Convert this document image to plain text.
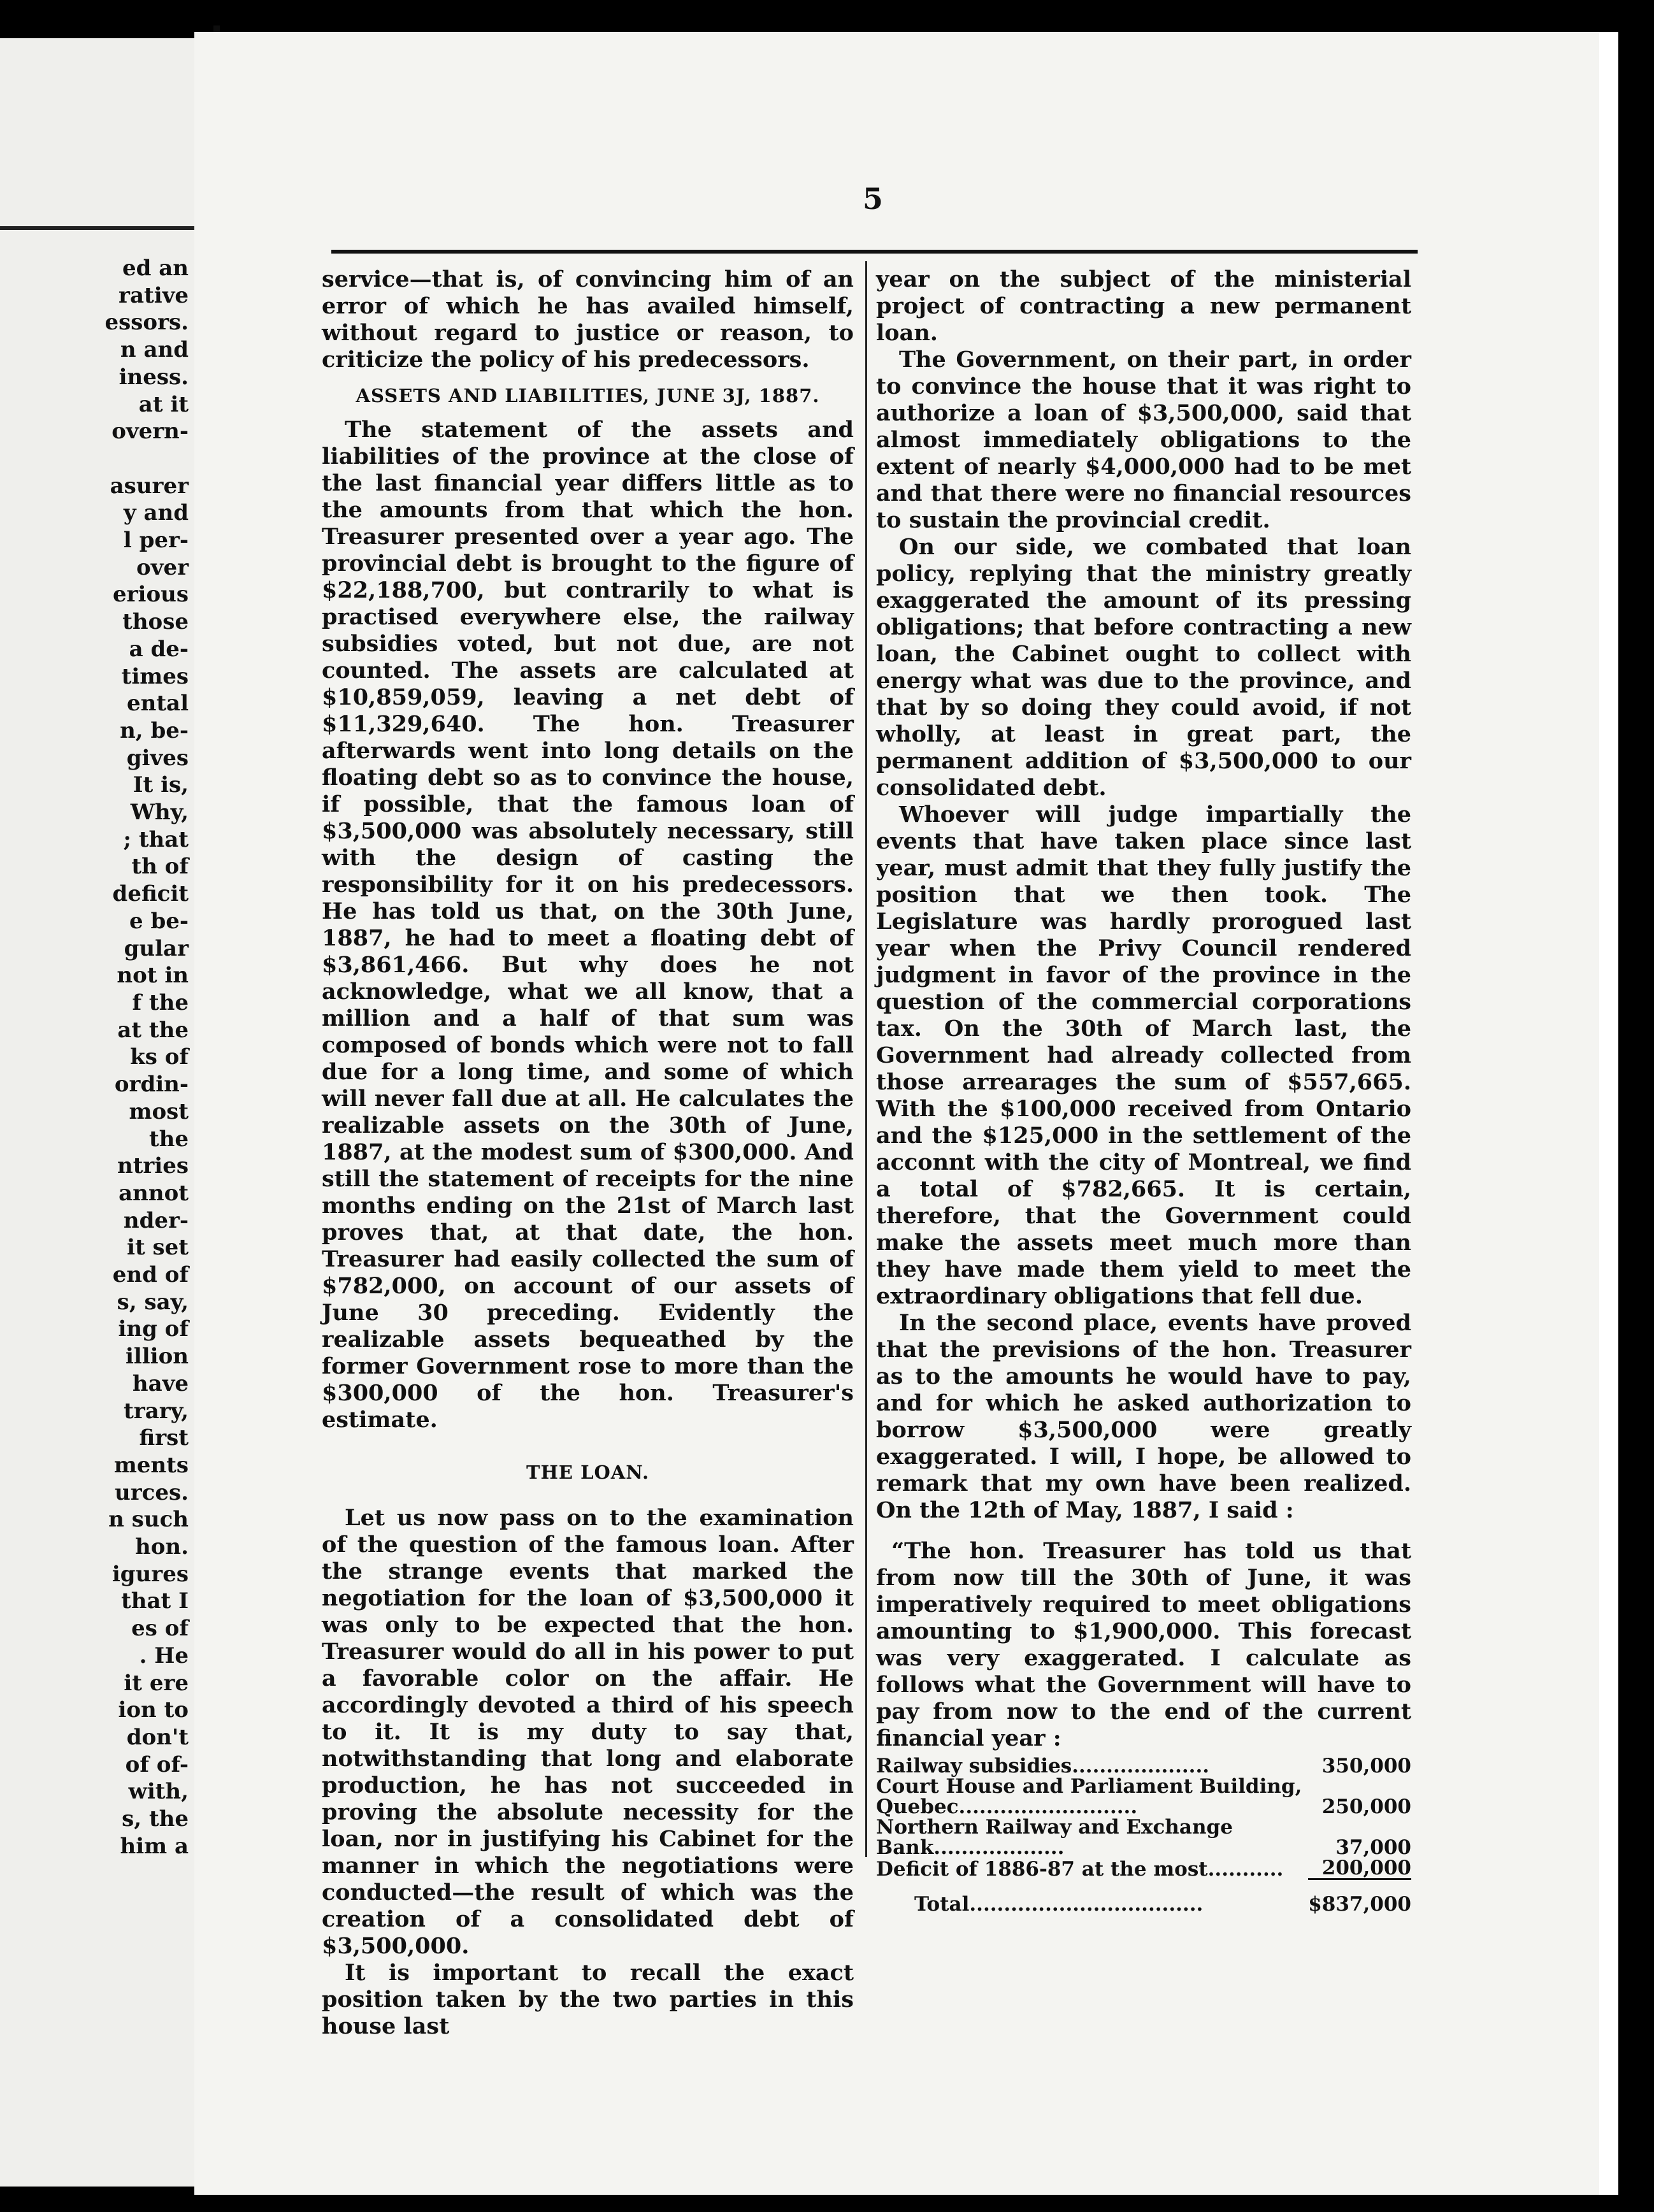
ed an
rative
essors.
n and
iness.
at it
overn-

asurer
y and
l per-
over
erious
those
a de-
times
ental
n, be-
gives
It is,
Why,
; that
th of
deficit
e be-
gular
not in
f the
at the
ks of
ordin-
most
the
ntries
annot
nder-
it set
end of
s, say,
ing of
illion
have
trary,
first
ments
urces.
n such
hon.
igures
that I
es of
. He
it ere
ion to
don't
of of-
with,
s, the
him a
5

service—that is, of convincing him of an error of which he has availed himself, without regard to justice or reason, to criticize the policy of his predecessors.

ASSETS AND LIABILITIES, JUNE 3J, 1887.

The statement of the assets and liabilities of the province at the close of the last financial year differs little as to the amounts from that which the hon. Treasurer presented over a year ago. The provincial debt is brought to the figure of $22,188,700, but contrarily to what is practised everywhere else, the railway subsidies voted, but not due, are not counted. The assets are calculated at $10,859,059, leaving a net debt of $11,329,640. The hon. Treasurer afterwards went into long details on the floating debt so as to convince the house, if possible, that the famous loan of $3,500,000 was absolutely necessary, still with the design of casting the responsibility for it on his predecessors. He has told us that, on the 30th June, 1887, he had to meet a floating debt of $3,861,466. But why does he not acknowledge, what we all know, that a million and a half of that sum was composed of bonds which were not to fall due for a long time, and some of which will never fall due at all. He calculates the realizable assets on the 30th of June, 1887, at the modest sum of $300,000. And still the statement of receipts for the nine months ending on the 21st of March last proves that, at that date, the hon. Treasurer had easily collected the sum of $782,000, on account of our assets of June 30 preceding. Evidently the realizable assets bequeathed by the former Government rose to more than the $300,000 of the hon. Treasurer's estimate.

THE LOAN.

Let us now pass on to the examination of the question of the famous loan. After the strange events that marked the negotiation for the loan of $3,500,000 it was only to be expected that the hon. Treasurer would do all in his power to put a favorable color on the affair. He accordingly devoted a third of his speech to it. It is my duty to say that, notwithstanding that long and elaborate production, he has not succeeded in proving the absolute necessity for the loan, nor in justifying his Cabinet for the manner in which the negotiations were conducted—the result of which was the creation of a consolidated debt of $3,500,000.

It is important to recall the exact position taken by the two parties in this house last

year on the subject of the ministerial project of contracting a new permanent loan.

The Government, on their part, in order to convince the house that it was right to authorize a loan of $3,500,000, said that almost immediately obligations to the extent of nearly $4,000,000 had to be met and that there were no financial resources to sustain the provincial credit.

On our side, we combated that loan policy, replying that the ministry greatly exaggerated the amount of its pressing obligations; that before contracting a new loan, the Cabinet ought to collect with energy what was due to the province, and that by so doing they could avoid, if not wholly, at least in great part, the permanent addition of $3,500,000 to our consolidated debt.

Whoever will judge impartially the events that have taken place since last year, must admit that they fully justify the position that we then took. The Legislature was hardly prorogued last year when the Privy Council rendered judgment in favor of the province in the question of the commercial corporations tax. On the 30th of March last, the Government had already collected from those arrearages the sum of $557,665. With the $100,000 received from Ontario and the $125,000 in the settlement of the acconnt with the city of Montreal, we find a total of $782,665. It is certain, therefore, that the Government could make the assets meet much more than they have made them yield to meet the extraordinary obligations that fell due.

In the second place, events have proved that the previsions of the hon. Treasurer as to the amounts he would have to pay, and for which he asked authorization to borrow $3,500,000 were greatly exaggerated. I will, I hope, be allowed to remark that my own have been realized. On the 12th of May, 1887, I said :

“The hon. Treasurer has told us that from now till the 30th of June, it was imperatively required to meet obligations amounting to $1,900,000. This forecast was very exaggerated. I calculate as follows what the Government will have to pay from now to the end of the current financial year :

Railway subsidies....................	350,000
Court House and Parliament Building, Quebec..........................	250,000
Northern Railway and Exchange Bank...................	37,000
Deficit of 1886-87 at the most...........	200,000
Total..................................	$837,000
